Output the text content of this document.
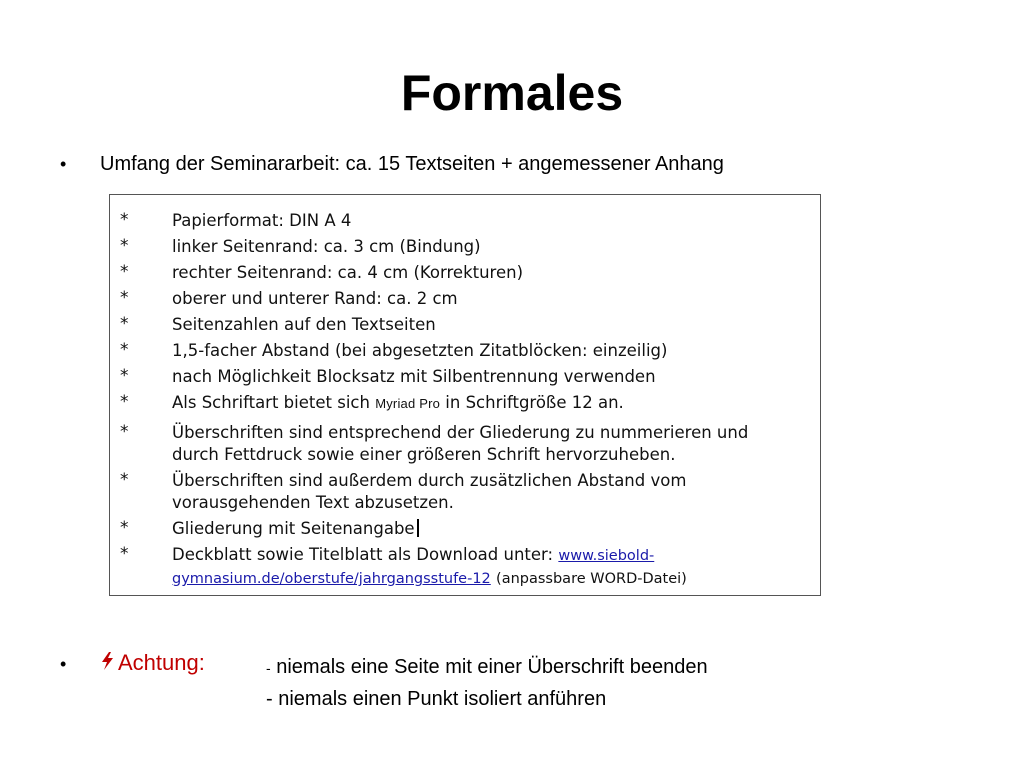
Formales
•	Umfang der Seminararbeit: ca. 15 Textseiten + angemessener Anhang
*	Papierformat: DIN A 4
*	linker Seitenrand: ca. 3 cm (Bindung)
*	rechter Seitenrand: ca. 4 cm (Korrekturen)
*	oberer und unterer Rand: ca. 2 cm
*	Seitenzahlen auf den Textseiten
*	1,5-facher Abstand (bei abgesetzten Zitatblöcken: einzeilig)
*	nach Möglichkeit Blocksatz mit Silbentrennung verwenden
*	Als Schriftart bietet sich Myriad Pro in Schriftgröße 12 an.
*	Überschriften sind entsprechend der Gliederung zu nummerieren und
durch Fettdruck sowie einer größeren Schrift hervorzuheben.
*	Überschriften sind außerdem durch zusätzlichen Abstand vom
vorausgehenden Text abzusetzen.
*	Gliederung mit Seitenangabe
*	Deckblatt sowie Titelblatt als Download unter: www.siebold-
gymnasium.de/oberstufe/jahrgangsstufe-12 (anpassbare WORD-Datei)
•	Achtung:	- niemals eine Seite mit einer Überschrift beenden
- niemals einen Punkt isoliert anführen
